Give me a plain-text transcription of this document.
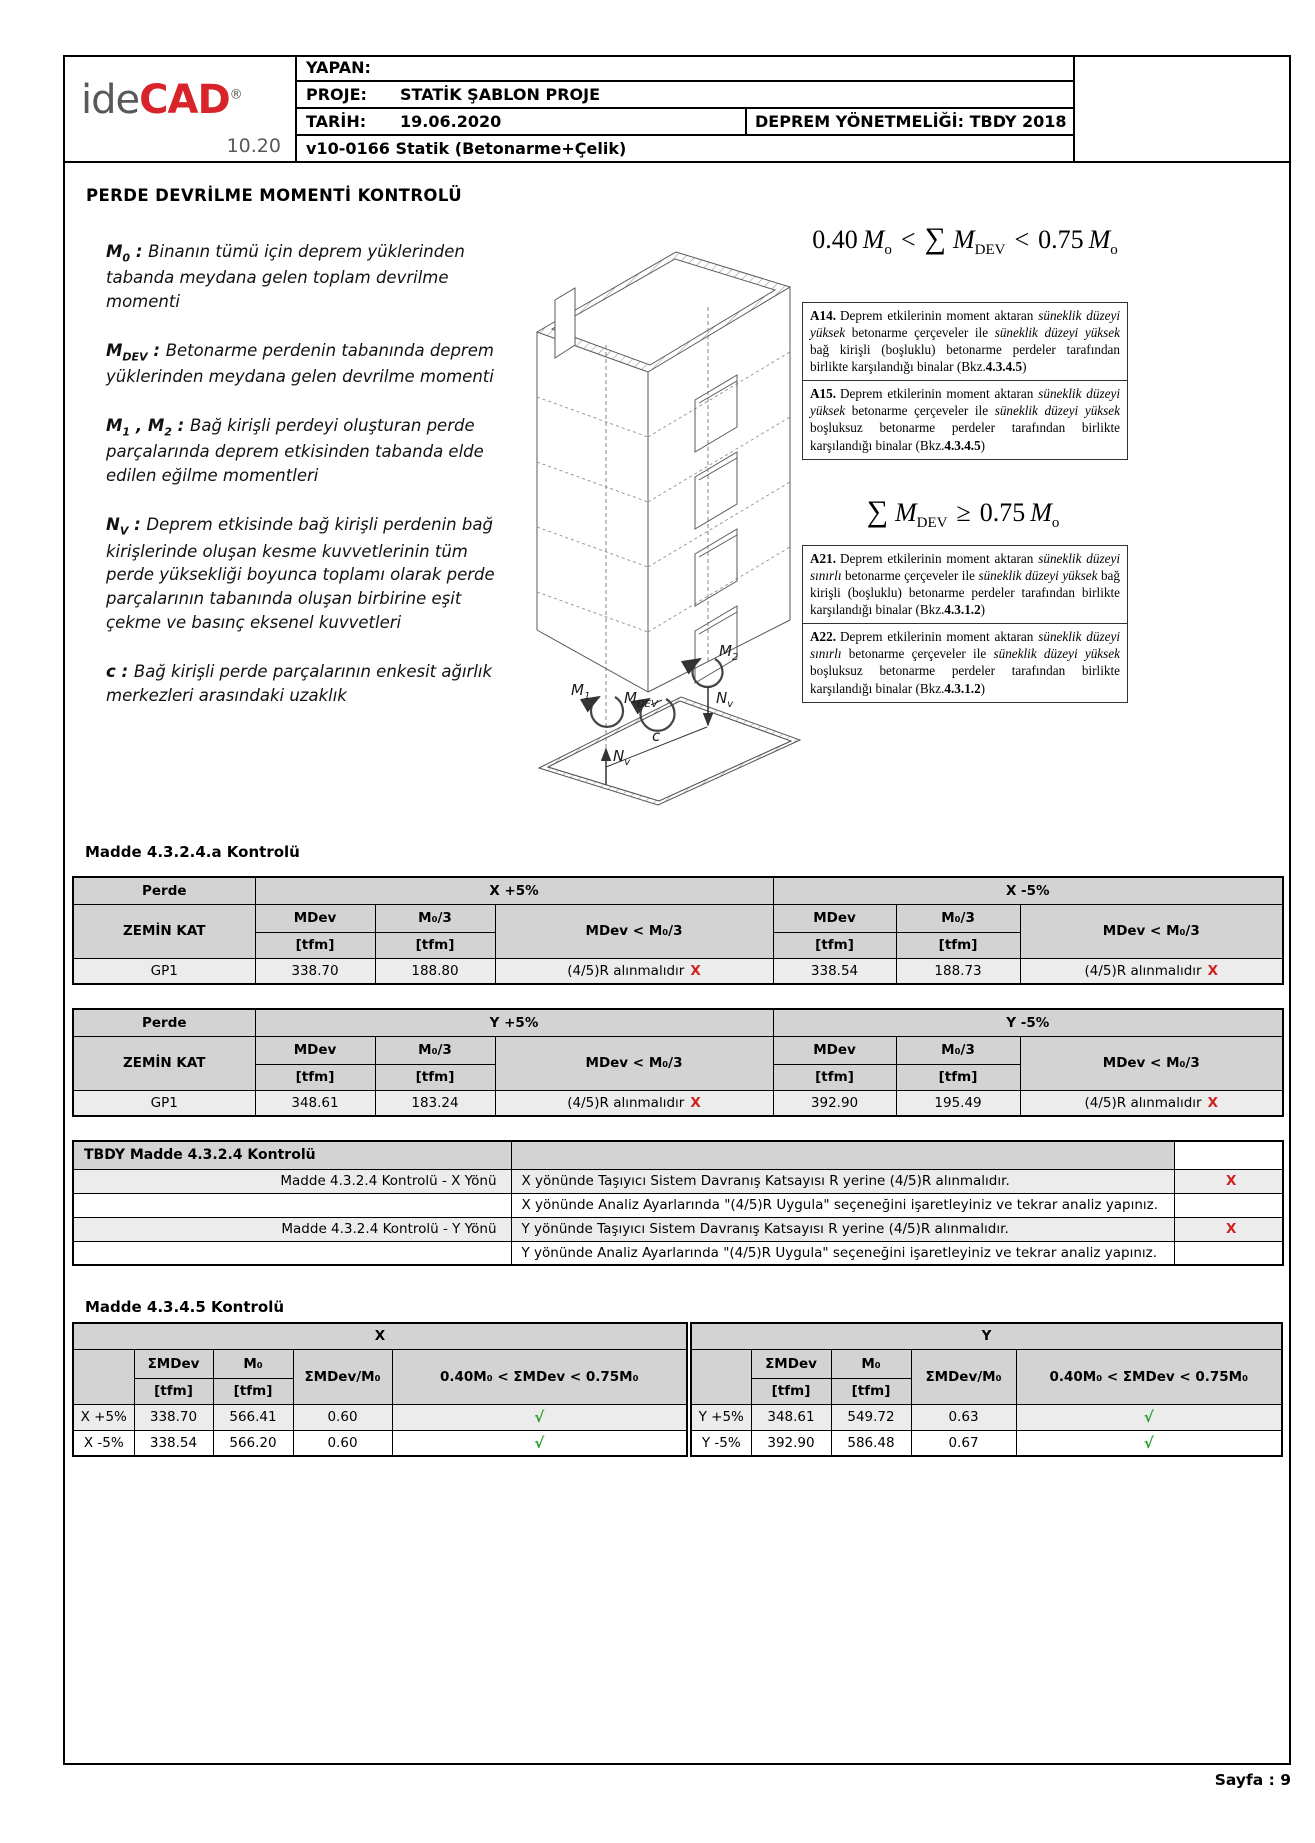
ideCAD®
10.20
YAPAN:
PROJE:	STATİK ŞABLON PROJE
TARİH:	19.06.2020	DEPREM YÖNETMELİĞİ: TBDY 2018
v10-0166 Statik (Betonarme+Çelik)
PERDE DEVRİLME MOMENTİ KONTROLÜ

$M_0$ : Binanın tümü için deprem yüklerinden tabanda meydana gelen toplam devrilme momenti

$M_{DEV}$ : Betonarme perdenin tabanında deprem yüklerinden meydana gelen devrilme momenti

$M_1$ , $M_2$ : Bağ kirişli perdeyi oluşturan perde parçalarında deprem etkisinden tabanda elde edilen eğilme momentleri

$N_V$ : Deprem etkisinde bağ kirişli perdenin bağ kirişlerinde oluşan kesme kuvvetlerinin tüm perde yüksekliği boyunca toplamı olarak perde parçalarının tabanında oluşan birbirine eşit çekme ve basınç eksenel kuvvetleri

c : Bağ kirişli perde parçalarının enkesit ağırlık merkezleri arasındaki uzaklık	$M_1$ $M_{DEV}$
$M_2$
$N_v$
$N_v$
c
0.40 $M_o$ < ∑ $M_{DEV} < 0.75$ $M_o$
A14. Deprem etkilerinin moment aktaran süneklik düzeyi yüksek betonarme çerçeveler ile süneklik düzeyi yüksek bağ kirişli (boşluklu) betonarme perdeler tarafından birlikte karşılandığı binalar (Bkz.4.3.4.5)
A15. Deprem etkilerinin moment aktaran süneklik düzeyi yüksek betonarme çerçeveler ile süneklik düzeyi yüksek boşluksuz betonarme perdeler tarafından birlikte karşılandığı binalar (Bkz.4.3.4.5)
∑ $M_{DEV} \ge 0.75$ $M_o$
A21. Deprem etkilerinin moment aktaran süneklik düzeyi sınırlı betonarme çerçeveler ile süneklik düzeyi yüksek bağ kirişli (boşluklu) betonarme perdeler tarafından birlikte karşılandığı binalar (Bkz.4.3.1.2)
A22. Deprem etkilerinin moment aktaran süneklik düzeyi sınırlı betonarme çerçeveler ile süneklik düzeyi yüksek boşluksuz betonarme perdeler tarafından birlikte karşılandığı binalar (Bkz.4.3.1.2)
Madde 4.3.2.4.a Kontrolü
Perde	X +5%			X -5%		
ZEMİN KAT	MDev	M₀/3	MDev < M₀/3	MDev	M₀/3	MDev < M₀/3
	[tfm]	[tfm]		[tfm]	[tfm]	
GP1	338.70	188.80	(4/5)R alınmalıdır X	338.54	188.73	(4/5)R alınmalıdır X
Perde	Y +5%			Y -5%		
ZEMİN KAT	MDev	M₀/3	MDev < M₀/3	MDev	M₀/3	MDev < M₀/3
	[tfm]	[tfm]		[tfm]	[tfm]	
GP1	348.61	183.24	(4/5)R alınmalıdır X	392.90	195.49	(4/5)R alınmalıdır X
TBDY Madde 4.3.2.4 Kontrolü		
Madde 4.3.2.4 Kontrolü - X Yönü	X yönünde Taşıyıcı Sistem Davranış Katsayısı R yerine (4/5)R alınmalıdır.	X
	X yönünde Analiz Ayarlarında "(4/5)R Uygula" seçeneğini işaretleyiniz ve tekrar analiz yapınız.	
Madde 4.3.2.4 Kontrolü - Y Yönü	Y yönünde Taşıyıcı Sistem Davranış Katsayısı R yerine (4/5)R alınmalıdır.	X
	Y yönünde Analiz Ayarlarında "(4/5)R Uygula" seçeneğini işaretleyiniz ve tekrar analiz yapınız.	
Madde 4.3.4.5 Kontrolü
X				
	ΣMDev	M₀	ΣMDev/M₀	0.40M₀ < ΣMDev < 0.75M₀
	[tfm]	[tfm]		
X +5%	338.70	566.41	0.60	√
X -5%	338.54	566.20	0.60	√
Y				
	ΣMDev	M₀	ΣMDev/M₀	0.40M₀ < ΣMDev < 0.75M₀
	[tfm]	[tfm]		
Y +5%	348.61	549.72	0.63	√
Y -5%	392.90	586.48	0.67	√
Sayfa : 9
